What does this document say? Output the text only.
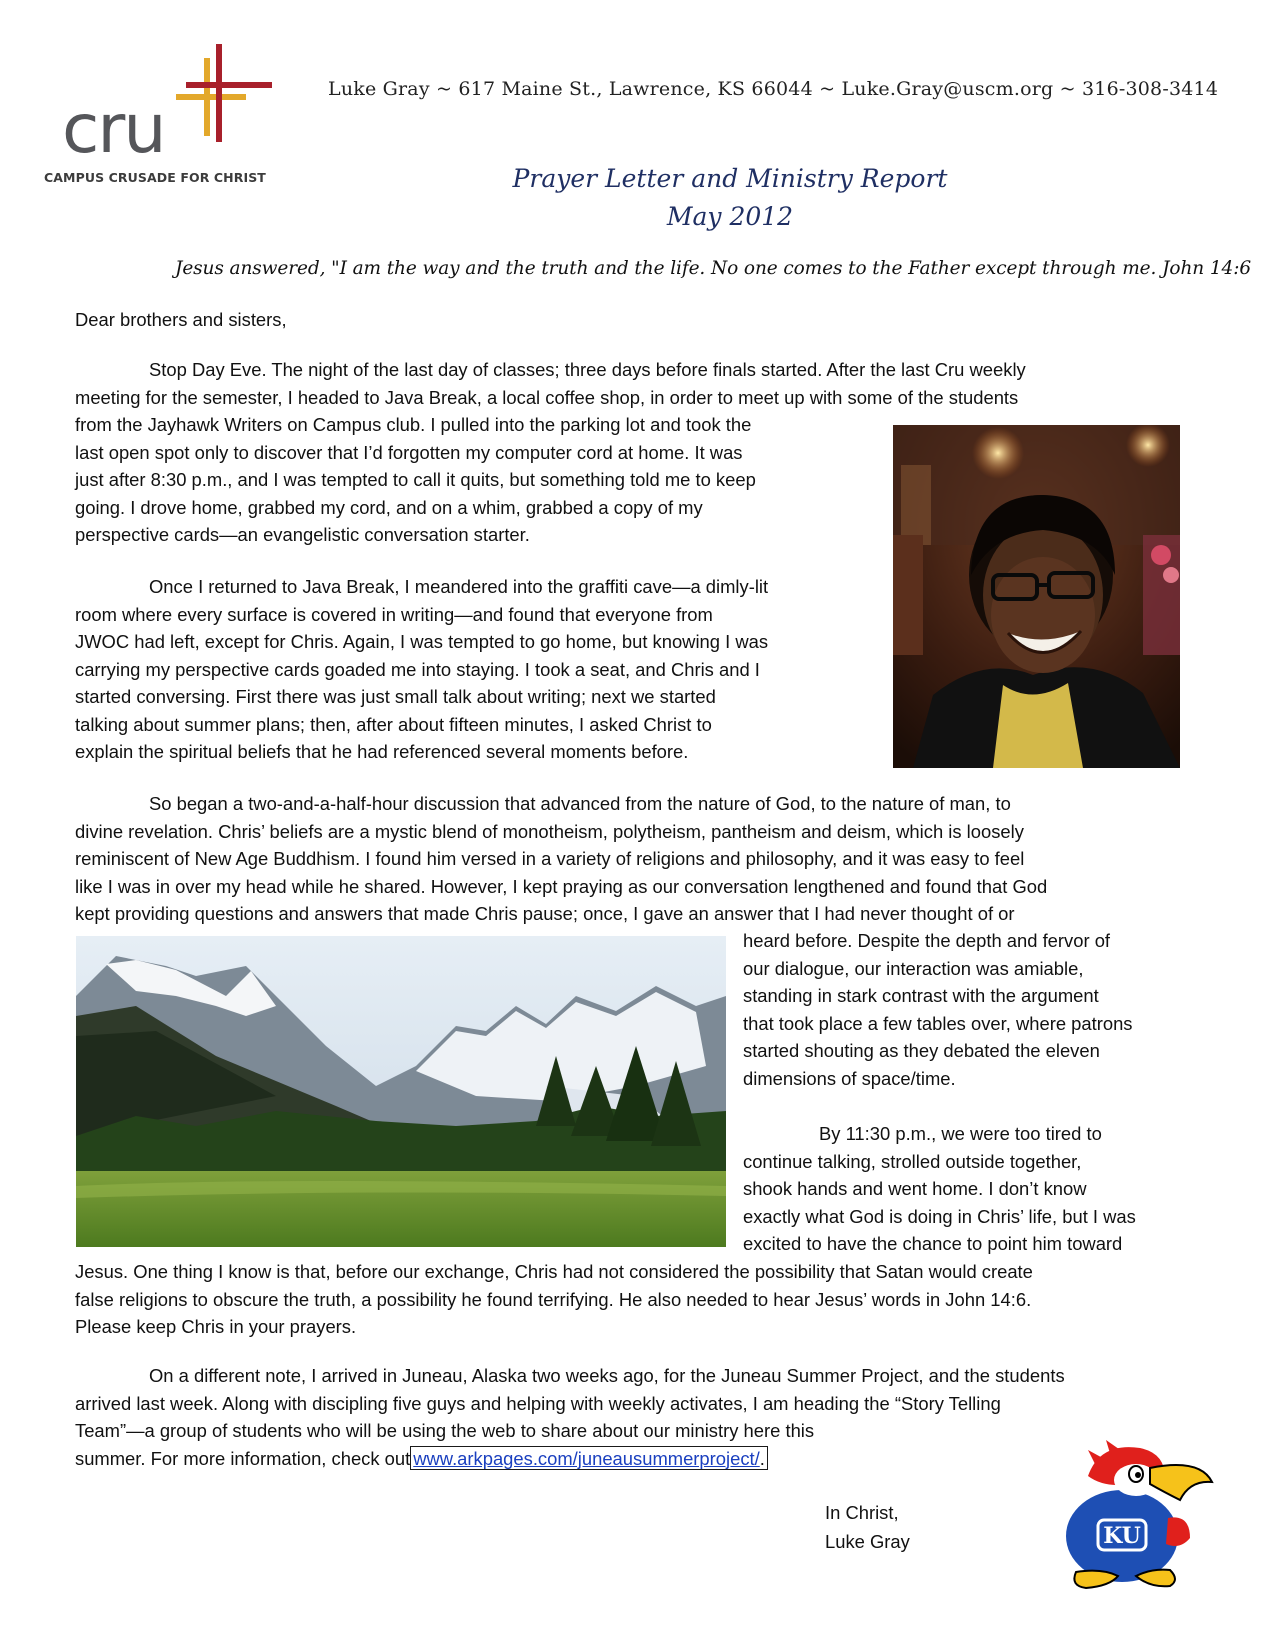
cru
CAMPUS CRUSADE FOR CHRIST
Luke Gray ~ 617 Maine St., Lawrence, KS 66044 ~ Luke.Gray@uscm.org ~ 316-308-3414
Prayer Letter and Ministry Report
May 2012
Jesus answered, "I am the way and the truth and the life. No one comes to the Father except through me. John 14:6
Dear brothers and sisters,
Stop Day Eve. The night of the last day of classes; three days before finals started. After the last Cru weekly
meeting for the semester, I headed to Java Break, a local coffee shop, in order to meet up with some of the students
from the Jayhawk Writers on Campus club. I pulled into the parking lot and took the
last open spot only to discover that I’d forgotten my computer cord at home. It was
just after 8:30 p.m., and I was tempted to call it quits, but something told me to keep
going. I drove home, grabbed my cord, and on a whim, grabbed a copy of my
perspective cards—an evangelistic conversation starter.
Once I returned to Java Break, I meandered into the graffiti cave—a dimly-lit
room where every surface is covered in writing—and found that everyone from
JWOC had left, except for Chris. Again, I was tempted to go home, but knowing I was
carrying my perspective cards goaded me into staying. I took a seat, and Chris and I
started conversing. First there was just small talk about writing; next we started
talking about summer plans; then, after about fifteen minutes, I asked Christ to
explain the spiritual beliefs that he had referenced several moments before.
So began a two-and-a-half-hour discussion that advanced from the nature of God, to the nature of man, to
divine revelation. Chris’ beliefs are a mystic blend of monotheism, polytheism, pantheism and deism, which is loosely
reminiscent of New Age Buddhism. I found him versed in a variety of religions and philosophy, and it was easy to feel
like I was in over my head while he shared. However, I kept praying as our conversation lengthened and found that God
kept providing questions and answers that made Chris pause; once, I gave an answer that I had never thought of or
heard before. Despite the depth and fervor of
our dialogue, our interaction was amiable,
standing in stark contrast with the argument
that took place a few tables over, where patrons
started shouting as they debated the eleven
dimensions of space/time.
By 11:30 p.m., we were too tired to
continue talking, strolled outside together,
shook hands and went home. I don’t know
exactly what God is doing in Chris’ life, but I was
excited to have the chance to point him toward
Jesus. One thing I know is that, before our exchange, Chris had not considered the possibility that Satan would create
false religions to obscure the truth, a possibility he found terrifying. He also needed to hear Jesus’ words in John 14:6.
Please keep Chris in your prayers.
On a different note, I arrived in Juneau, Alaska two weeks ago, for the Juneau Summer Project, and the students
arrived last week. Along with discipling five guys and helping with weekly activates, I am heading the “Story Telling
Team”—a group of students who will be using the web to share about our ministry here this
summer. For more information, check out www.arkpages.com/juneausummerproject/.
In Christ,
Luke Gray	KU
